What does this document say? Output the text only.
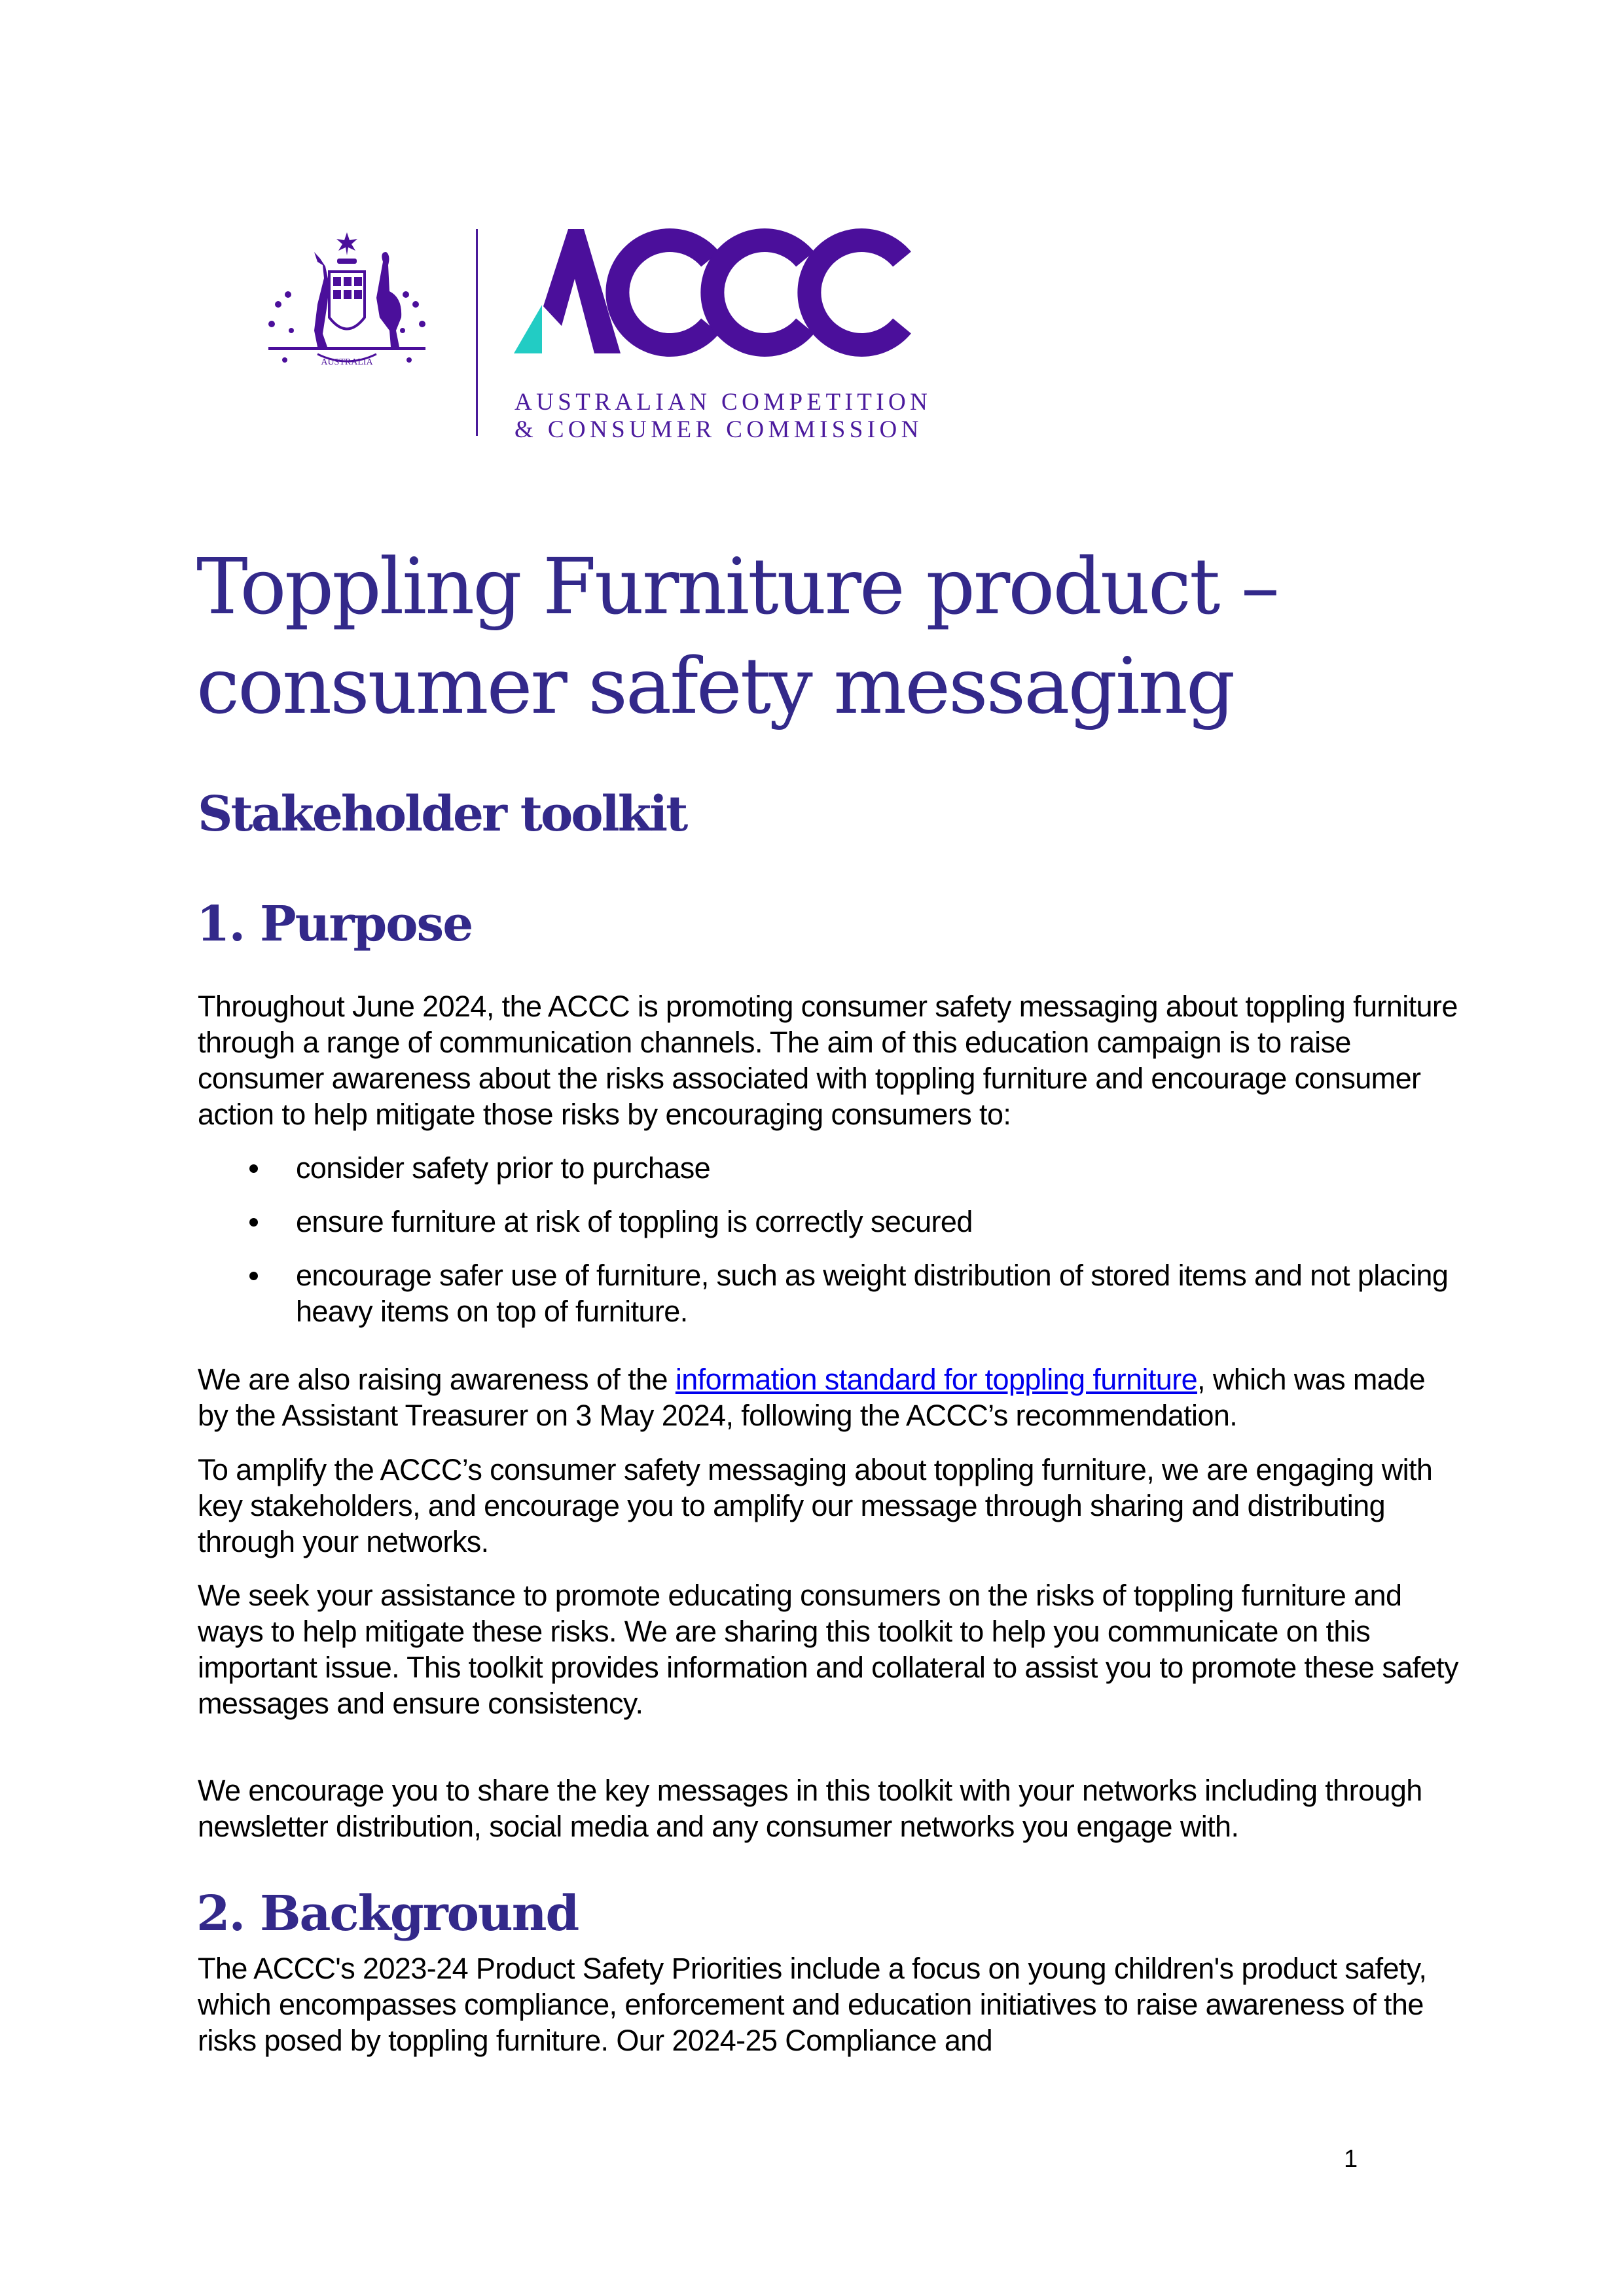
AUSTRALIA
AUSTRALIAN COMPETITION
& CONSUMER COMMISSION
Toppling Furniture product – consumer safety messaging
Stakeholder toolkit
1. Purpose

Throughout June 2024, the ACCC is promoting consumer safety messaging about toppling furniture through a range of communication channels. The aim of this education campaign is to raise consumer awareness about the risks associated with toppling furniture and encourage consumer action to help mitigate those risks by encouraging consumers to:

consider safety prior to purchase
ensure furniture at risk of toppling is correctly secured
encourage safer use of furniture, such as weight distribution of stored items and not placing heavy items on top of furniture.

We are also raising awareness of the information standard for toppling furniture, which was made by the Assistant Treasurer on 3 May 2024, following the ACCC’s recommendation.

To amplify the ACCC’s consumer safety messaging about toppling furniture, we are engaging with key stakeholders, and encourage you to amplify our message through sharing and distributing through your networks.

We seek your assistance to promote educating consumers on the risks of toppling furniture and ways to help mitigate these risks. We are sharing this toolkit to help you communicate on this important issue. This toolkit provides information and collateral to assist you to promote these safety messages and ensure consistency.

We encourage you to share the key messages in this toolkit with your networks including through newsletter distribution, social media and any consumer networks you engage with.

2. Background

The ACCC's 2023-24 Product Safety Priorities include a focus on young children's product safety, which encompasses compliance, enforcement and education initiatives to raise awareness of the risks posed by toppling furniture. Our 2024-25 Compliance and

1
